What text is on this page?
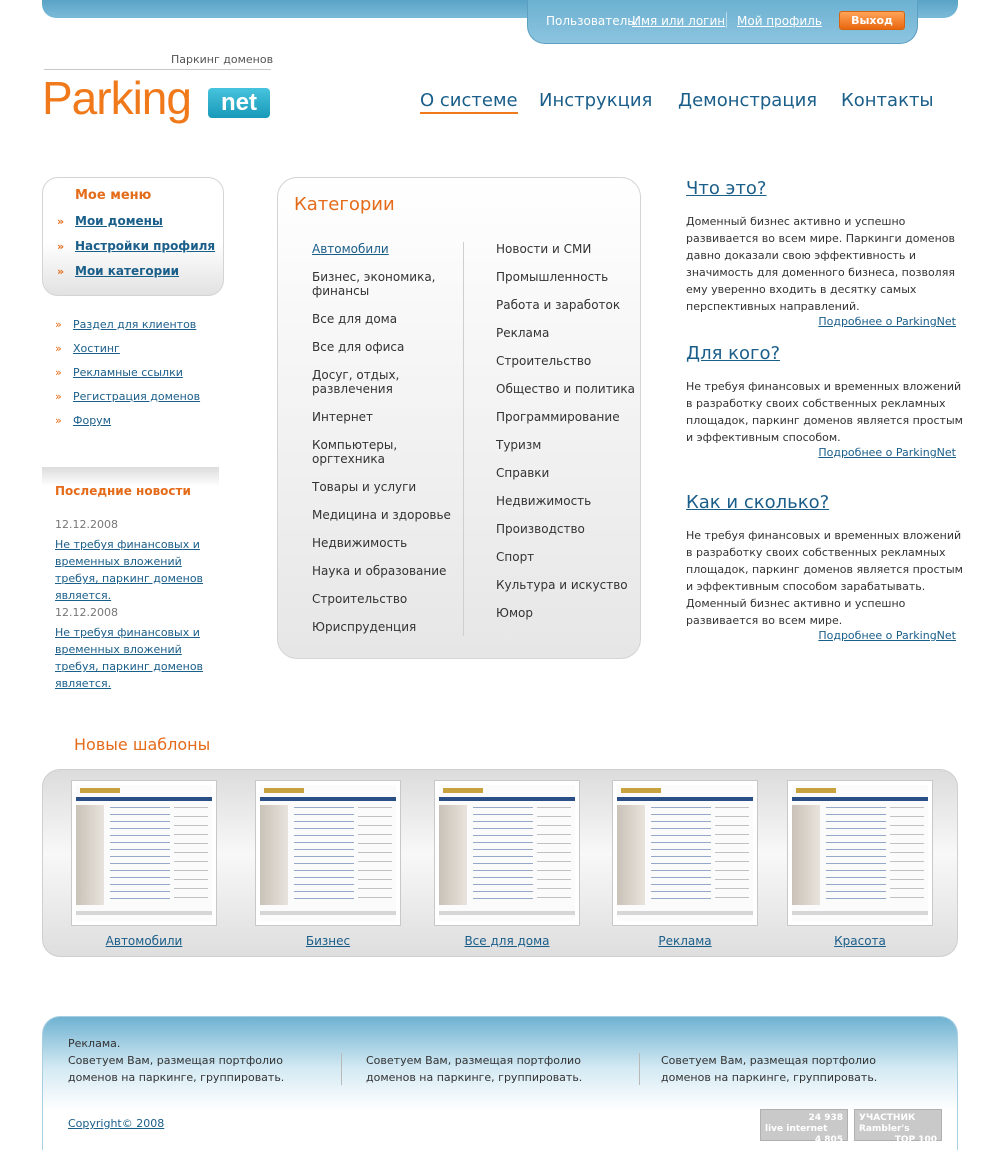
Пользователь:
Имя или логин Мой профиль	Выход
Паркинг доменов
Parking	net	О системе Инструкция Демонстрация Контакты
Мое меню
» Мои домены
» Настройки профиля
» Мои категории
» Раздел для клиентов
» Хостинг
» Рекламные ссылки
» Регистрация доменов
» Форум
Последние новости
12.12.2008
Не требуя финансовых и временных вложений требуя, паркинг доменов является.
12.12.2008
Не требуя финансовых и временных вложений требуя, паркинг доменов является.
Категории
Автомобили
Бизнес, экономика, финансы
Все для дома
Все для офиса
Досуг, отдых, развлечения
Интернет
Компьютеры, оргтехника
Товары и услуги
Медицина и здоровье
Недвижимость
Наука и образование
Строительство
Юриспруденция
Новости и СМИ
Промышленность
Работа и заработок
Реклама
Строительство
Общество и политика
Программирование
Туризм
Справки
Недвижимость
Производство
Спорт
Культура и искуство
Юмор
Что это?
Доменный бизнес активно и успешно развивается во всем мире. Паркинги доменов давно доказали свою эффективность и значимость для доменного бизнеса, позволяя ему уверенно входить в десятку самых перспективных направлений.
Подробнее о ParkingNet
Для кого?
Не требуя финансовых и временных вложений в разработку своих собственных рекламных площадок, паркинг доменов является простым и эффективным способом.
Подробнее о ParkingNet
Как и сколько?
Не требуя финансовых и временных вложений в разработку своих собственных рекламных площадок, паркинг доменов является простым и эффективным способом зарабатывать. Доменный бизнес активно и успешно развивается во всем мире.
Подробнее о ParkingNet
Новые шаблоны
Автомобили	Бизнес	Все для дома	Реклама	Красота
Реклама.
Советуем Вам, размещая портфолио доменов на паркинге, группировать.
Советуем Вам, размещая портфолио доменов на паркинге, группировать.
Советуем Вам, размещая портфолио доменов на паркинге, группировать.
Copyright© 2008	24 938
live internet
4 805
УЧАСТНИК
Rambler's
TOP 100
